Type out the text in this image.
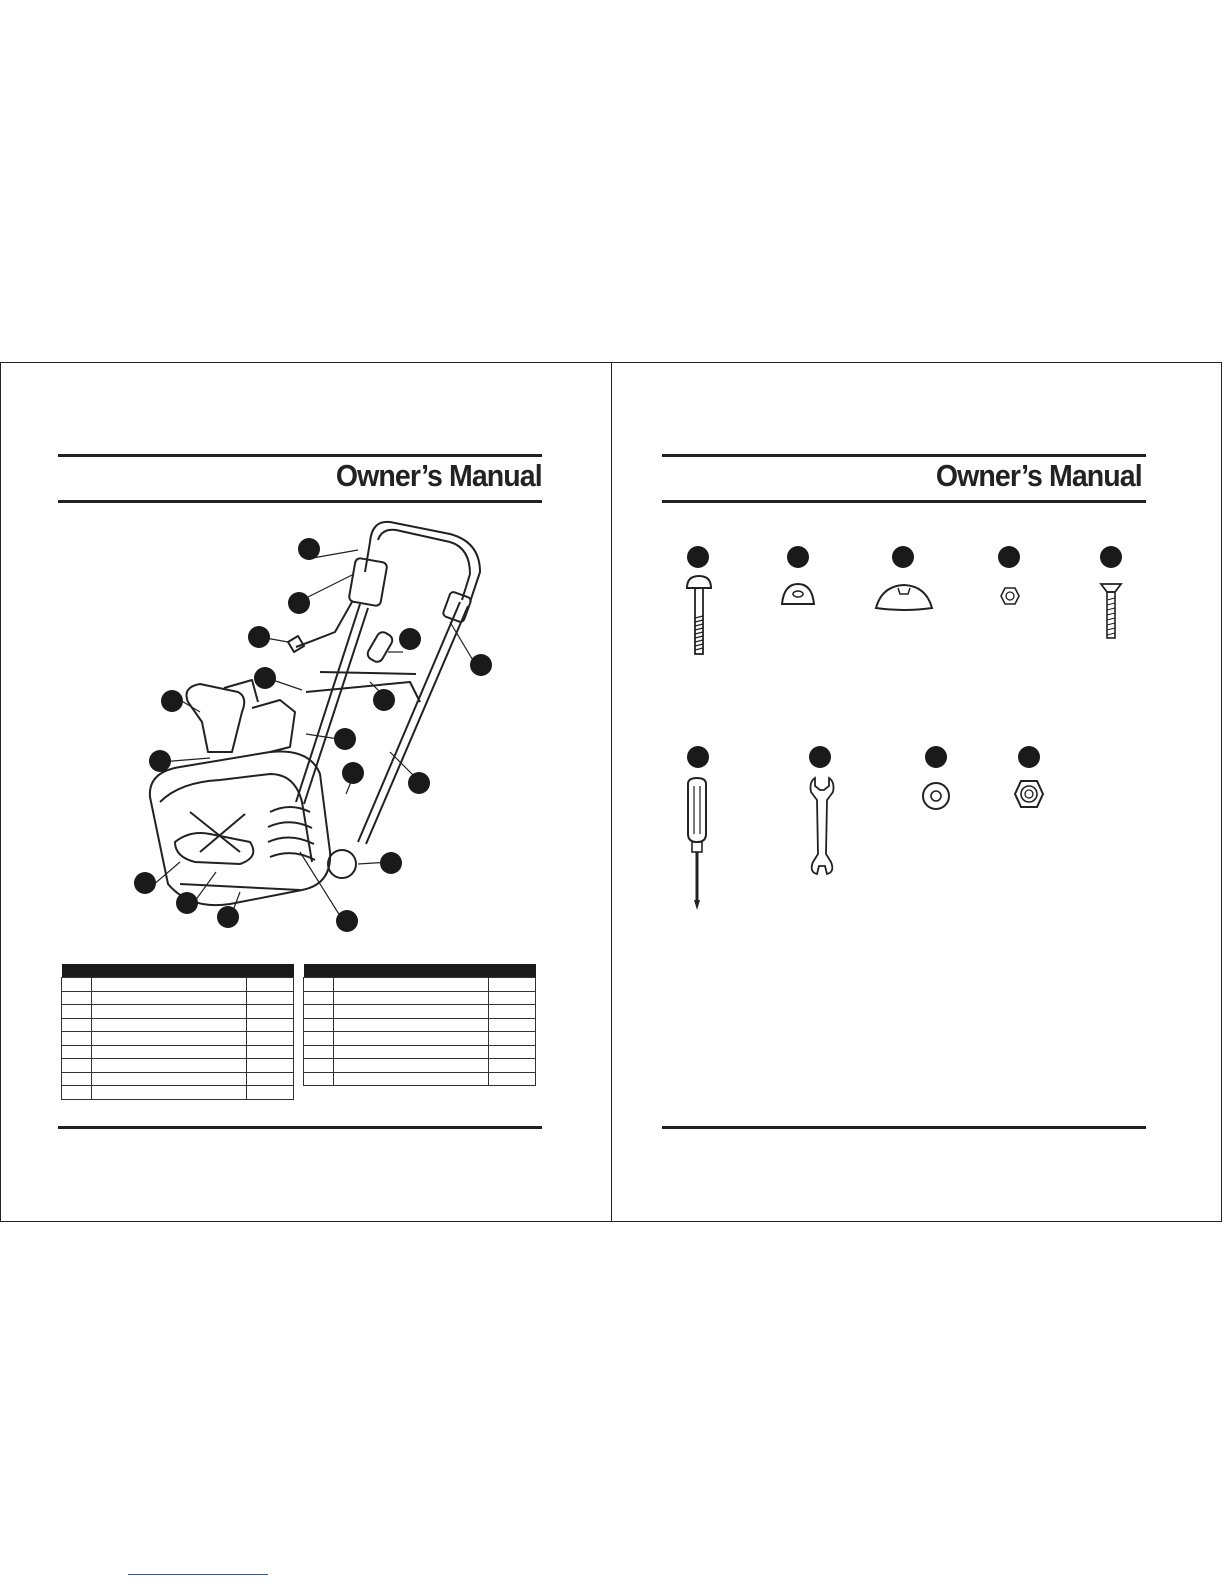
Owner’s Manual

			Owner’s Manual
